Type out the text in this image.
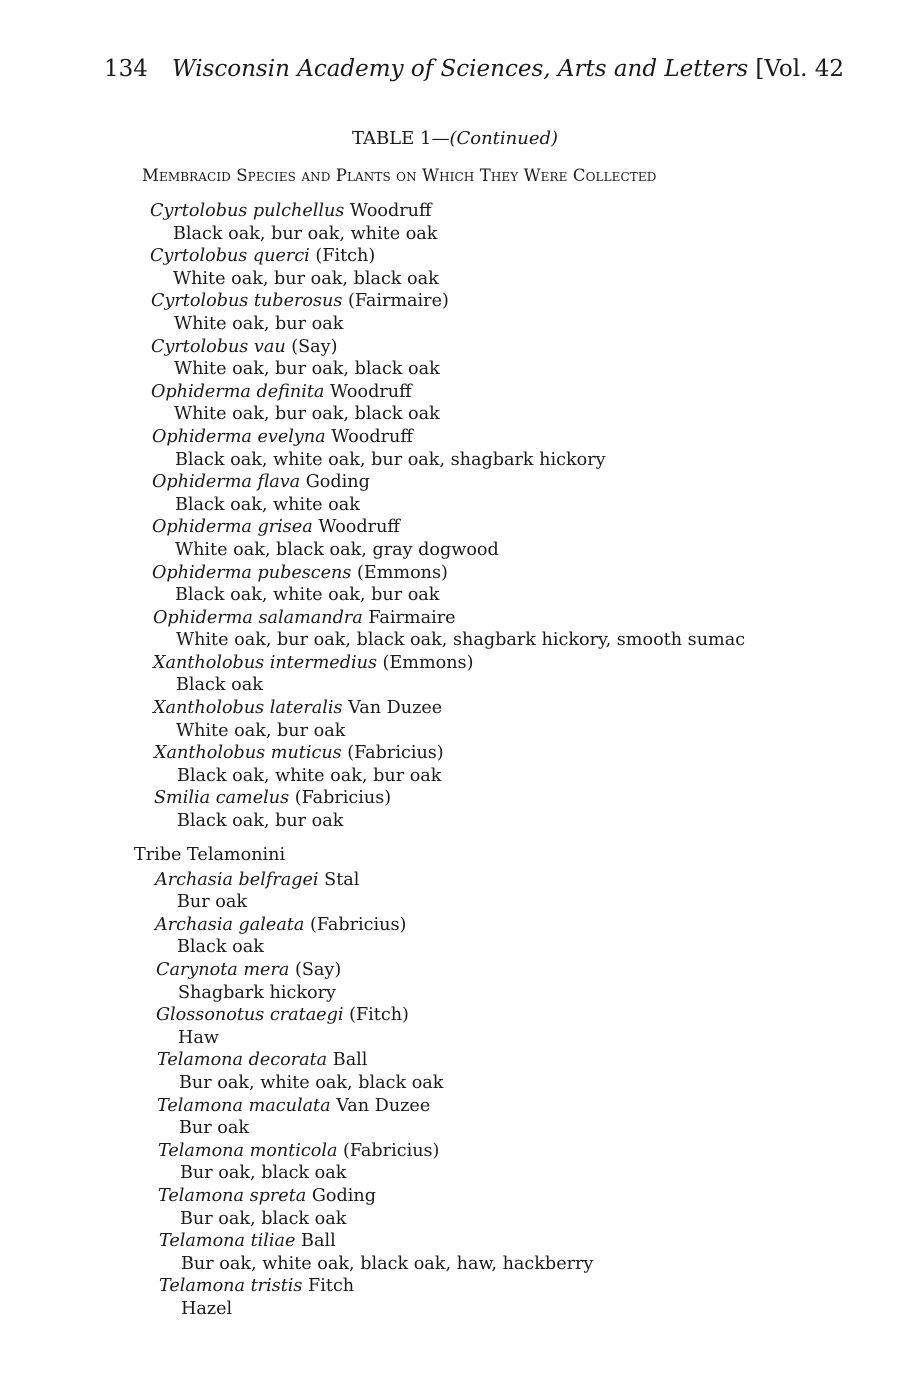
134 Wisconsin Academy of Sciences, Arts and Letters [Vol. 42
TABLE 1—(Continued)
Membracid Species and Plants on Which They Were Collected
Cyrtolobus pulchellus Woodruff
Black oak, bur oak, white oak
Cyrtolobus querci (Fitch)
White oak, bur oak, black oak
Cyrtolobus tuberosus (Fairmaire)
White oak, bur oak
Cyrtolobus vau (Say)
White oak, bur oak, black oak
Ophiderma definita Woodruff
White oak, bur oak, black oak
Ophiderma evelyna Woodruff
Black oak, white oak, bur oak, shagbark hickory
Ophiderma flava Goding
Black oak, white oak
Ophiderma grisea Woodruff
White oak, black oak, gray dogwood
Ophiderma pubescens (Emmons)
Black oak, white oak, bur oak
Ophiderma salamandra Fairmaire
White oak, bur oak, black oak, shagbark hickory, smooth sumac
Xantholobus intermedius (Emmons)
Black oak
Xantholobus lateralis Van Duzee
White oak, bur oak
Xantholobus muticus (Fabricius)
Black oak, white oak, bur oak
Smilia camelus (Fabricius)
Black oak, bur oak
Tribe Telamonini
Archasia belfragei Stal
Bur oak
Archasia galeata (Fabricius)
Black oak
Carynota mera (Say)
Shagbark hickory
Glossonotus crataegi (Fitch)
Haw
Telamona decorata Ball
Bur oak, white oak, black oak
Telamona maculata Van Duzee
Bur oak
Telamona monticola (Fabricius)
Bur oak, black oak
Telamona spreta Goding
Bur oak, black oak
Telamona tiliae Ball
Bur oak, white oak, black oak, haw, hackberry
Telamona tristis Fitch
Hazel
